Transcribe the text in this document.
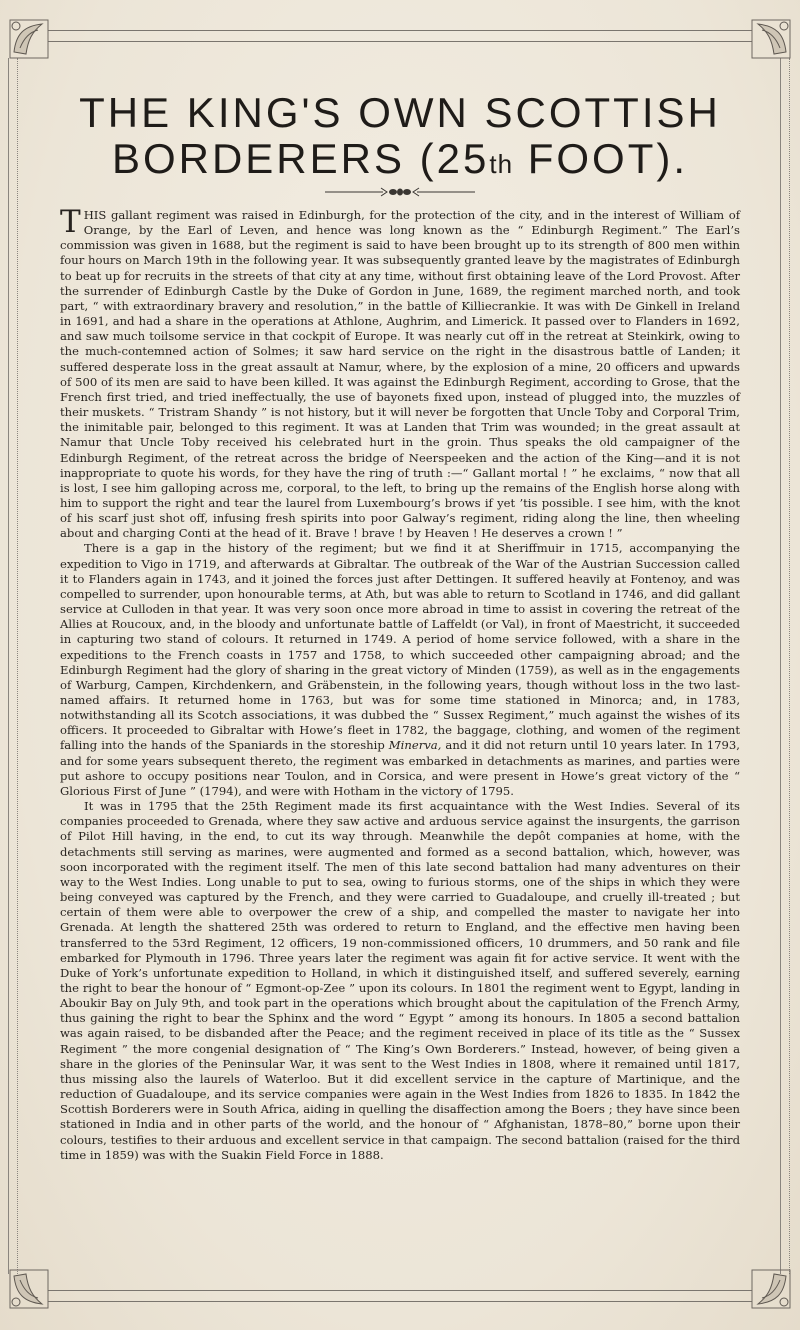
THE KING'S OWN SCOTTISH
BORDERERS (25th FOOT).

THIS gallant regiment was raised in Edinburgh, for the protection of the city, and in the interest of William of Orange, by the Earl of Leven, and hence was long known as the “ Edinburgh Regiment.” The Earl’s commission was given in 1688, but the regiment is said to have been brought up to its strength of 800 men within four hours on March 19th in the following year. It was subsequently granted leave by the magistrates of Edinburgh to beat up for recruits in the streets of that city at any time, without first obtaining leave of the Lord Provost. After the surrender of Edinburgh Castle by the Duke of Gordon in June, 1689, the regiment marched north, and took part, “ with extraordinary bravery and resolution,” in the battle of Killiecrankie. It was with De Ginkell in Ireland in 1691, and had a share in the operations at Athlone, Aughrim, and Limerick. It passed over to Flanders in 1692, and saw much toilsome service in that cockpit of Europe. It was nearly cut off in the retreat at Steinkirk, owing to the much-contemned action of Solmes; it saw hard service on the right in the disastrous battle of Landen; it suffered desperate loss in the great assault at Namur, where, by the explosion of a mine, 20 officers and upwards of 500 of its men are said to have been killed. It was against the Edinburgh Regiment, according to Grose, that the French first tried, and tried ineffectually, the use of bayonets fixed upon, instead of plugged into, the muzzles of their muskets. “ Tristram Shandy ” is not history, but it will never be forgotten that Uncle Toby and Corporal Trim, the inimitable pair, belonged to this regiment. It was at Landen that Trim was wounded; in the great assault at Namur that Uncle Toby received his celebrated hurt in the groin. Thus speaks the old campaigner of the Edinburgh Regiment, of the retreat across the bridge of Neerspeeken and the action of the King—and it is not inappropriate to quote his words, for they have the ring of truth :—“ Gallant mortal ! ” he exclaims, “ now that all is lost, I see him galloping across me, corporal, to the left, to bring up the remains of the English horse along with him to support the right and tear the laurel from Luxembourg’s brows if yet ’tis possible. I see him, with the knot of his scarf just shot off, infusing fresh spirits into poor Galway’s regiment, riding along the line, then wheeling about and charging Conti at the head of it. Brave ! brave ! by Heaven ! He deserves a crown ! ”

There is a gap in the history of the regiment; but we find it at Sheriffmuir in 1715, accompanying the expedition to Vigo in 1719, and afterwards at Gibraltar. The outbreak of the War of the Austrian Succession called it to Flanders again in 1743, and it joined the forces just after Dettingen. It suffered heavily at Fontenoy, and was compelled to surrender, upon honourable terms, at Ath, but was able to return to Scotland in 1746, and did gallant service at Culloden in that year. It was very soon once more abroad in time to assist in covering the retreat of the Allies at Roucoux, and, in the bloody and unfortunate battle of Laffeldt (or Val), in front of Maestricht, it succeeded in capturing two stand of colours. It returned in 1749. A period of home service followed, with a share in the expeditions to the French coasts in 1757 and 1758, to which succeeded other campaigning abroad; and the Edinburgh Regiment had the glory of sharing in the great victory of Minden (1759), as well as in the engagements of Warburg, Campen, Kirchdenkern, and Gräbenstein, in the following years, though without loss in the two last-named affairs. It returned home in 1763, but was for some time stationed in Minorca; and, in 1783, notwithstanding all its Scotch associations, it was dubbed the “ Sussex Regiment,” much against the wishes of its officers. It proceeded to Gibraltar with Howe’s fleet in 1782, the baggage, clothing, and women of the regiment falling into the hands of the Spaniards in the storeship Minerva, and it did not return until 10 years later. In 1793, and for some years subsequent thereto, the regiment was embarked in detachments as marines, and parties were put ashore to occupy positions near Toulon, and in Corsica, and were present in Howe’s great victory of the “ Glorious First of June ” (1794), and were with Hotham in the victory of 1795.

It was in 1795 that the 25th Regiment made its first acquaintance with the West Indies. Several of its companies proceeded to Grenada, where they saw active and arduous service against the insurgents, the garrison of Pilot Hill having, in the end, to cut its way through. Meanwhile the depôt companies at home, with the detachments still serving as marines, were augmented and formed as a second battalion, which, however, was soon incorporated with the regiment itself. The men of this late second battalion had many adventures on their way to the West Indies. Long unable to put to sea, owing to furious storms, one of the ships in which they were being conveyed was captured by the French, and they were carried to Guadaloupe, and cruelly ill-treated ; but certain of them were able to overpower the crew of a ship, and compelled the master to navigate her into Grenada. At length the shattered 25th was ordered to return to England, and the effective men having been transferred to the 53rd Regiment, 12 officers, 19 non-commissioned officers, 10 drummers, and 50 rank and file embarked for Plymouth in 1796. Three years later the regiment was again fit for active service. It went with the Duke of York’s unfortunate expedition to Holland, in which it distinguished itself, and suffered severely, earning the right to bear the honour of “ Egmont-op-Zee ” upon its colours. In 1801 the regiment went to Egypt, landing in Aboukir Bay on July 9th, and took part in the operations which brought about the capitulation of the French Army, thus gaining the right to bear the Sphinx and the word “ Egypt ” among its honours. In 1805 a second battalion was again raised, to be disbanded after the Peace; and the regiment received in place of its title as the “ Sussex Regiment ” the more congenial designation of “ The King’s Own Borderers.” Instead, however, of being given a share in the glories of the Peninsular War, it was sent to the West Indies in 1808, where it remained until 1817, thus missing also the laurels of Waterloo. But it did excellent service in the capture of Martinique, and the reduction of Guadaloupe, and its service companies were again in the West Indies from 1826 to 1835. In 1842 the Scottish Borderers were in South Africa, aiding in quelling the disaffection among the Boers ; they have since been stationed in India and in other parts of the world, and the honour of “ Afghanistan, 1878–80,” borne upon their colours, testifies to their arduous and excellent service in that campaign. The second battalion (raised for the third time in 1859) was with the Suakin Field Force in 1888.
